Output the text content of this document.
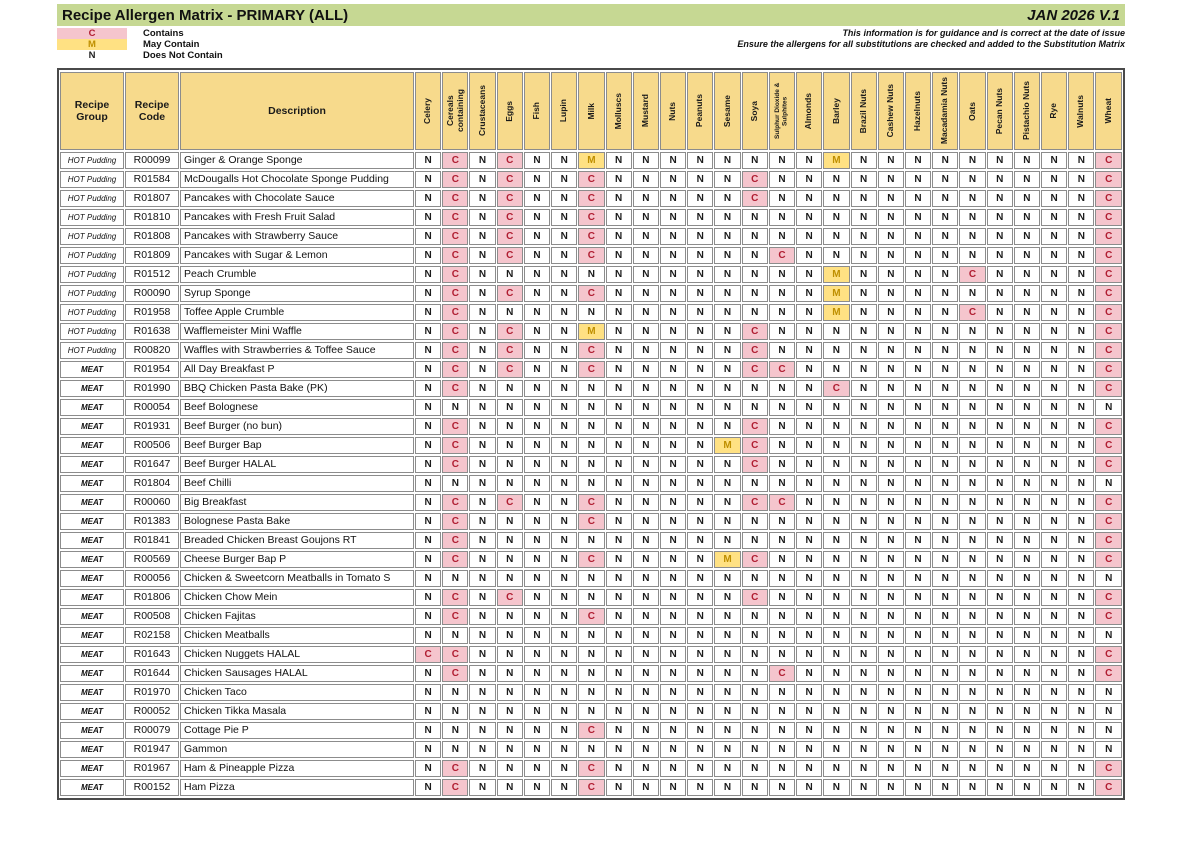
Recipe Allergen Matrix - PRIMARY (ALL)	JAN 2026 V.1
C	Contains
M	May Contain
N	Does Not Contain
This information is for guidance and is correct at the date of issue
Ensure the allergens for all substitutions are checked and added to the Substitution Matrix
Recipe Group	Recipe Code	Description	Celery	Cereals containing	Crustaceans	Eggs	Fish	Lupin	Milk	Molluscs	Mustard	Nuts	Peanuts	Sesame	Soya	Sulphur Dioxide & Sulphites	Almonds	Barley	Brazil Nuts	Cashew Nuts	Hazelnuts	Macadamia Nuts	Oats	Pecan Nuts	Pistachio Nuts	Rye	Walnuts	Wheat

HOT Pudding	R00099	Ginger & Orange Sponge	N	C	N	C	N	N	M	N	N	N	N	N	N	N	N	M	N	N	N	N	N	N	N	N	N	C
HOT Pudding	R01584	McDougalls Hot Chocolate Sponge Pudding	N	C	N	C	N	N	C	N	N	N	N	N	C	N	N	N	N	N	N	N	N	N	N	N	N	C
HOT Pudding	R01807	Pancakes with Chocolate Sauce	N	C	N	C	N	N	C	N	N	N	N	N	C	N	N	N	N	N	N	N	N	N	N	N	N	C
HOT Pudding	R01810	Pancakes with Fresh Fruit Salad	N	C	N	C	N	N	C	N	N	N	N	N	N	N	N	N	N	N	N	N	N	N	N	N	N	C
HOT Pudding	R01808	Pancakes with Strawberry Sauce	N	C	N	C	N	N	C	N	N	N	N	N	N	N	N	N	N	N	N	N	N	N	N	N	N	C
HOT Pudding	R01809	Pancakes with Sugar & Lemon	N	C	N	C	N	N	C	N	N	N	N	N	N	C	N	N	N	N	N	N	N	N	N	N	N	C
HOT Pudding	R01512	Peach Crumble	N	C	N	N	N	N	N	N	N	N	N	N	N	N	N	M	N	N	N	N	C	N	N	N	N	C
HOT Pudding	R00090	Syrup Sponge	N	C	N	C	N	N	C	N	N	N	N	N	N	N	N	M	N	N	N	N	N	N	N	N	N	C
HOT Pudding	R01958	Toffee Apple Crumble	N	C	N	N	N	N	N	N	N	N	N	N	N	N	N	M	N	N	N	N	C	N	N	N	N	C
HOT Pudding	R01638	Wafflemeister Mini Waffle	N	C	N	C	N	N	M	N	N	N	N	N	C	N	N	N	N	N	N	N	N	N	N	N	N	C
HOT Pudding	R00820	Waffles with Strawberries & Toffee Sauce	N	C	N	C	N	N	C	N	N	N	N	N	C	N	N	N	N	N	N	N	N	N	N	N	N	C
MEAT	R01954	All Day Breakfast P	N	C	N	C	N	N	C	N	N	N	N	N	C	C	N	N	N	N	N	N	N	N	N	N	N	C
MEAT	R01990	BBQ Chicken Pasta Bake (PK)	N	C	N	N	N	N	N	N	N	N	N	N	N	N	N	C	N	N	N	N	N	N	N	N	N	C
MEAT	R00054	Beef Bolognese	N	N	N	N	N	N	N	N	N	N	N	N	N	N	N	N	N	N	N	N	N	N	N	N	N	N
MEAT	R01931	Beef Burger (no bun)	N	C	N	N	N	N	N	N	N	N	N	N	C	N	N	N	N	N	N	N	N	N	N	N	N	C
MEAT	R00506	Beef Burger Bap	N	C	N	N	N	N	N	N	N	N	N	M	C	N	N	N	N	N	N	N	N	N	N	N	N	C
MEAT	R01647	Beef Burger HALAL	N	C	N	N	N	N	N	N	N	N	N	N	C	N	N	N	N	N	N	N	N	N	N	N	N	C
MEAT	R01804	Beef Chilli	N	N	N	N	N	N	N	N	N	N	N	N	N	N	N	N	N	N	N	N	N	N	N	N	N	N
MEAT	R00060	Big Breakfast	N	C	N	C	N	N	C	N	N	N	N	N	C	C	N	N	N	N	N	N	N	N	N	N	N	C
MEAT	R01383	Bolognese Pasta Bake	N	C	N	N	N	N	C	N	N	N	N	N	N	N	N	N	N	N	N	N	N	N	N	N	N	C
MEAT	R01841	Breaded Chicken Breast Goujons RT	N	C	N	N	N	N	N	N	N	N	N	N	N	N	N	N	N	N	N	N	N	N	N	N	N	C
MEAT	R00569	Cheese Burger Bap P	N	C	N	N	N	N	C	N	N	N	N	M	C	N	N	N	N	N	N	N	N	N	N	N	N	C
MEAT	R00056	Chicken & Sweetcorn Meatballs in Tomato S	N	N	N	N	N	N	N	N	N	N	N	N	N	N	N	N	N	N	N	N	N	N	N	N	N	N
MEAT	R01806	Chicken Chow Mein	N	C	N	C	N	N	N	N	N	N	N	N	C	N	N	N	N	N	N	N	N	N	N	N	N	C
MEAT	R00508	Chicken Fajitas	N	C	N	N	N	N	C	N	N	N	N	N	N	N	N	N	N	N	N	N	N	N	N	N	N	C
MEAT	R02158	Chicken Meatballs	N	N	N	N	N	N	N	N	N	N	N	N	N	N	N	N	N	N	N	N	N	N	N	N	N	N
MEAT	R01643	Chicken Nuggets HALAL	C	C	N	N	N	N	N	N	N	N	N	N	N	N	N	N	N	N	N	N	N	N	N	N	N	C
MEAT	R01644	Chicken Sausages HALAL	N	C	N	N	N	N	N	N	N	N	N	N	N	C	N	N	N	N	N	N	N	N	N	N	N	C
MEAT	R01970	Chicken Taco	N	N	N	N	N	N	N	N	N	N	N	N	N	N	N	N	N	N	N	N	N	N	N	N	N	N
MEAT	R00052	Chicken Tikka Masala	N	N	N	N	N	N	N	N	N	N	N	N	N	N	N	N	N	N	N	N	N	N	N	N	N	N
MEAT	R00079	Cottage Pie P	N	N	N	N	N	N	C	N	N	N	N	N	N	N	N	N	N	N	N	N	N	N	N	N	N	N
MEAT	R01947	Gammon	N	N	N	N	N	N	N	N	N	N	N	N	N	N	N	N	N	N	N	N	N	N	N	N	N	N
MEAT	R01967	Ham & Pineapple Pizza	N	C	N	N	N	N	C	N	N	N	N	N	N	N	N	N	N	N	N	N	N	N	N	N	N	C
MEAT	R00152	Ham Pizza	N	C	N	N	N	N	C	N	N	N	N	N	N	N	N	N	N	N	N	N	N	N	N	N	N	C
